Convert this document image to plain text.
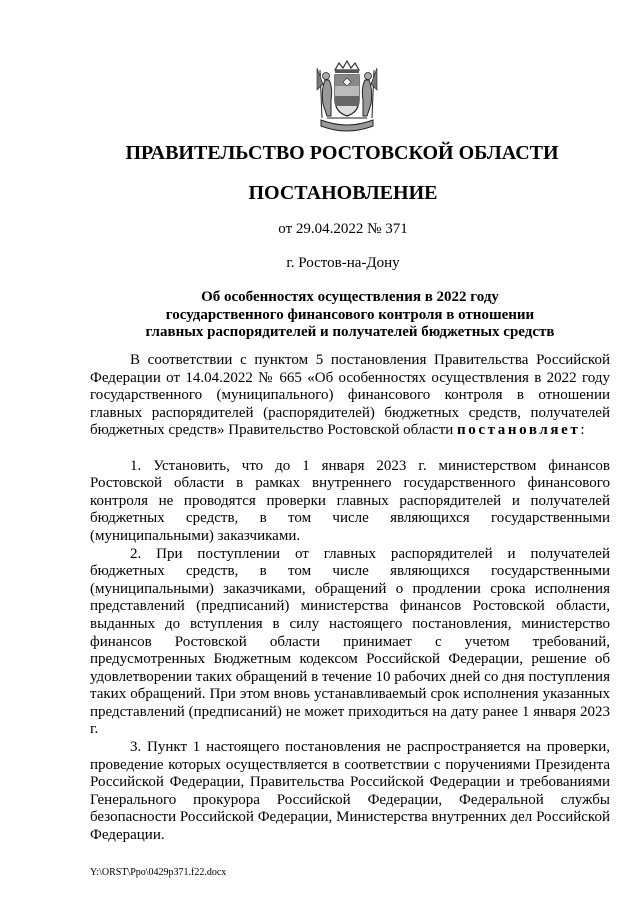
ПРАВИТЕЛЬСТВО РОСТОВСКОЙ ОБЛАСТИ
ПОСТАНОВЛЕНИЕ
от 29.04.2022 № 371
г. Ростов-на-Дону
Об особенностях осуществления в 2022 году
государственного финансового контроля в отношении
главных распорядителей и получателей бюджетных средств

В соответствии с пунктом 5 постановления Правительства Российской Федерации от 14.04.2022 № 665 «Об особенностях осуществления в 2022 году государственного (муниципального) финансового контроля в отношении главных распорядителей (распорядителей) бюджетных средств, получателей бюджетных средств» Правительство Ростовской области постановляет:

1. Установить, что до 1 января 2023 г. министерством финансов Ростовской области в рамках внутреннего государственного финансового контроля не проводятся проверки главных распорядителей и получателей бюджетных средств, в том числе являющихся государственными (муниципальными) заказчиками.

2. При поступлении от главных распорядителей и получателей бюджетных средств, в том числе являющихся государственными (муниципальными) заказчиками, обращений о продлении срока исполнения представлений (предписаний) министерства финансов Ростовской области, выданных до вступления в силу настоящего постановления, министерство финансов Ростовской области принимает с учетом требований, предусмотренных Бюджетным кодексом Российской Федерации, решение об удовлетворении таких обращений в течение 10 рабочих дней со дня поступления таких обращений. При этом вновь устанавливаемый срок исполнения указанных представлений (предписаний) не может приходиться на дату ранее 1 января 2023 г.

3. Пункт 1 настоящего постановления не распространяется на проверки, проведение которых осуществляется в соответствии с поручениями Президента Российской Федерации, Правительства Российской Федерации и требованиями Генерального прокурора Российской Федерации, Федеральной службы безопасности Российской Федерации, Министерства внутренних дел Российской Федерации.

Y:\ORST\Ppo\0429p371.f22.docx
